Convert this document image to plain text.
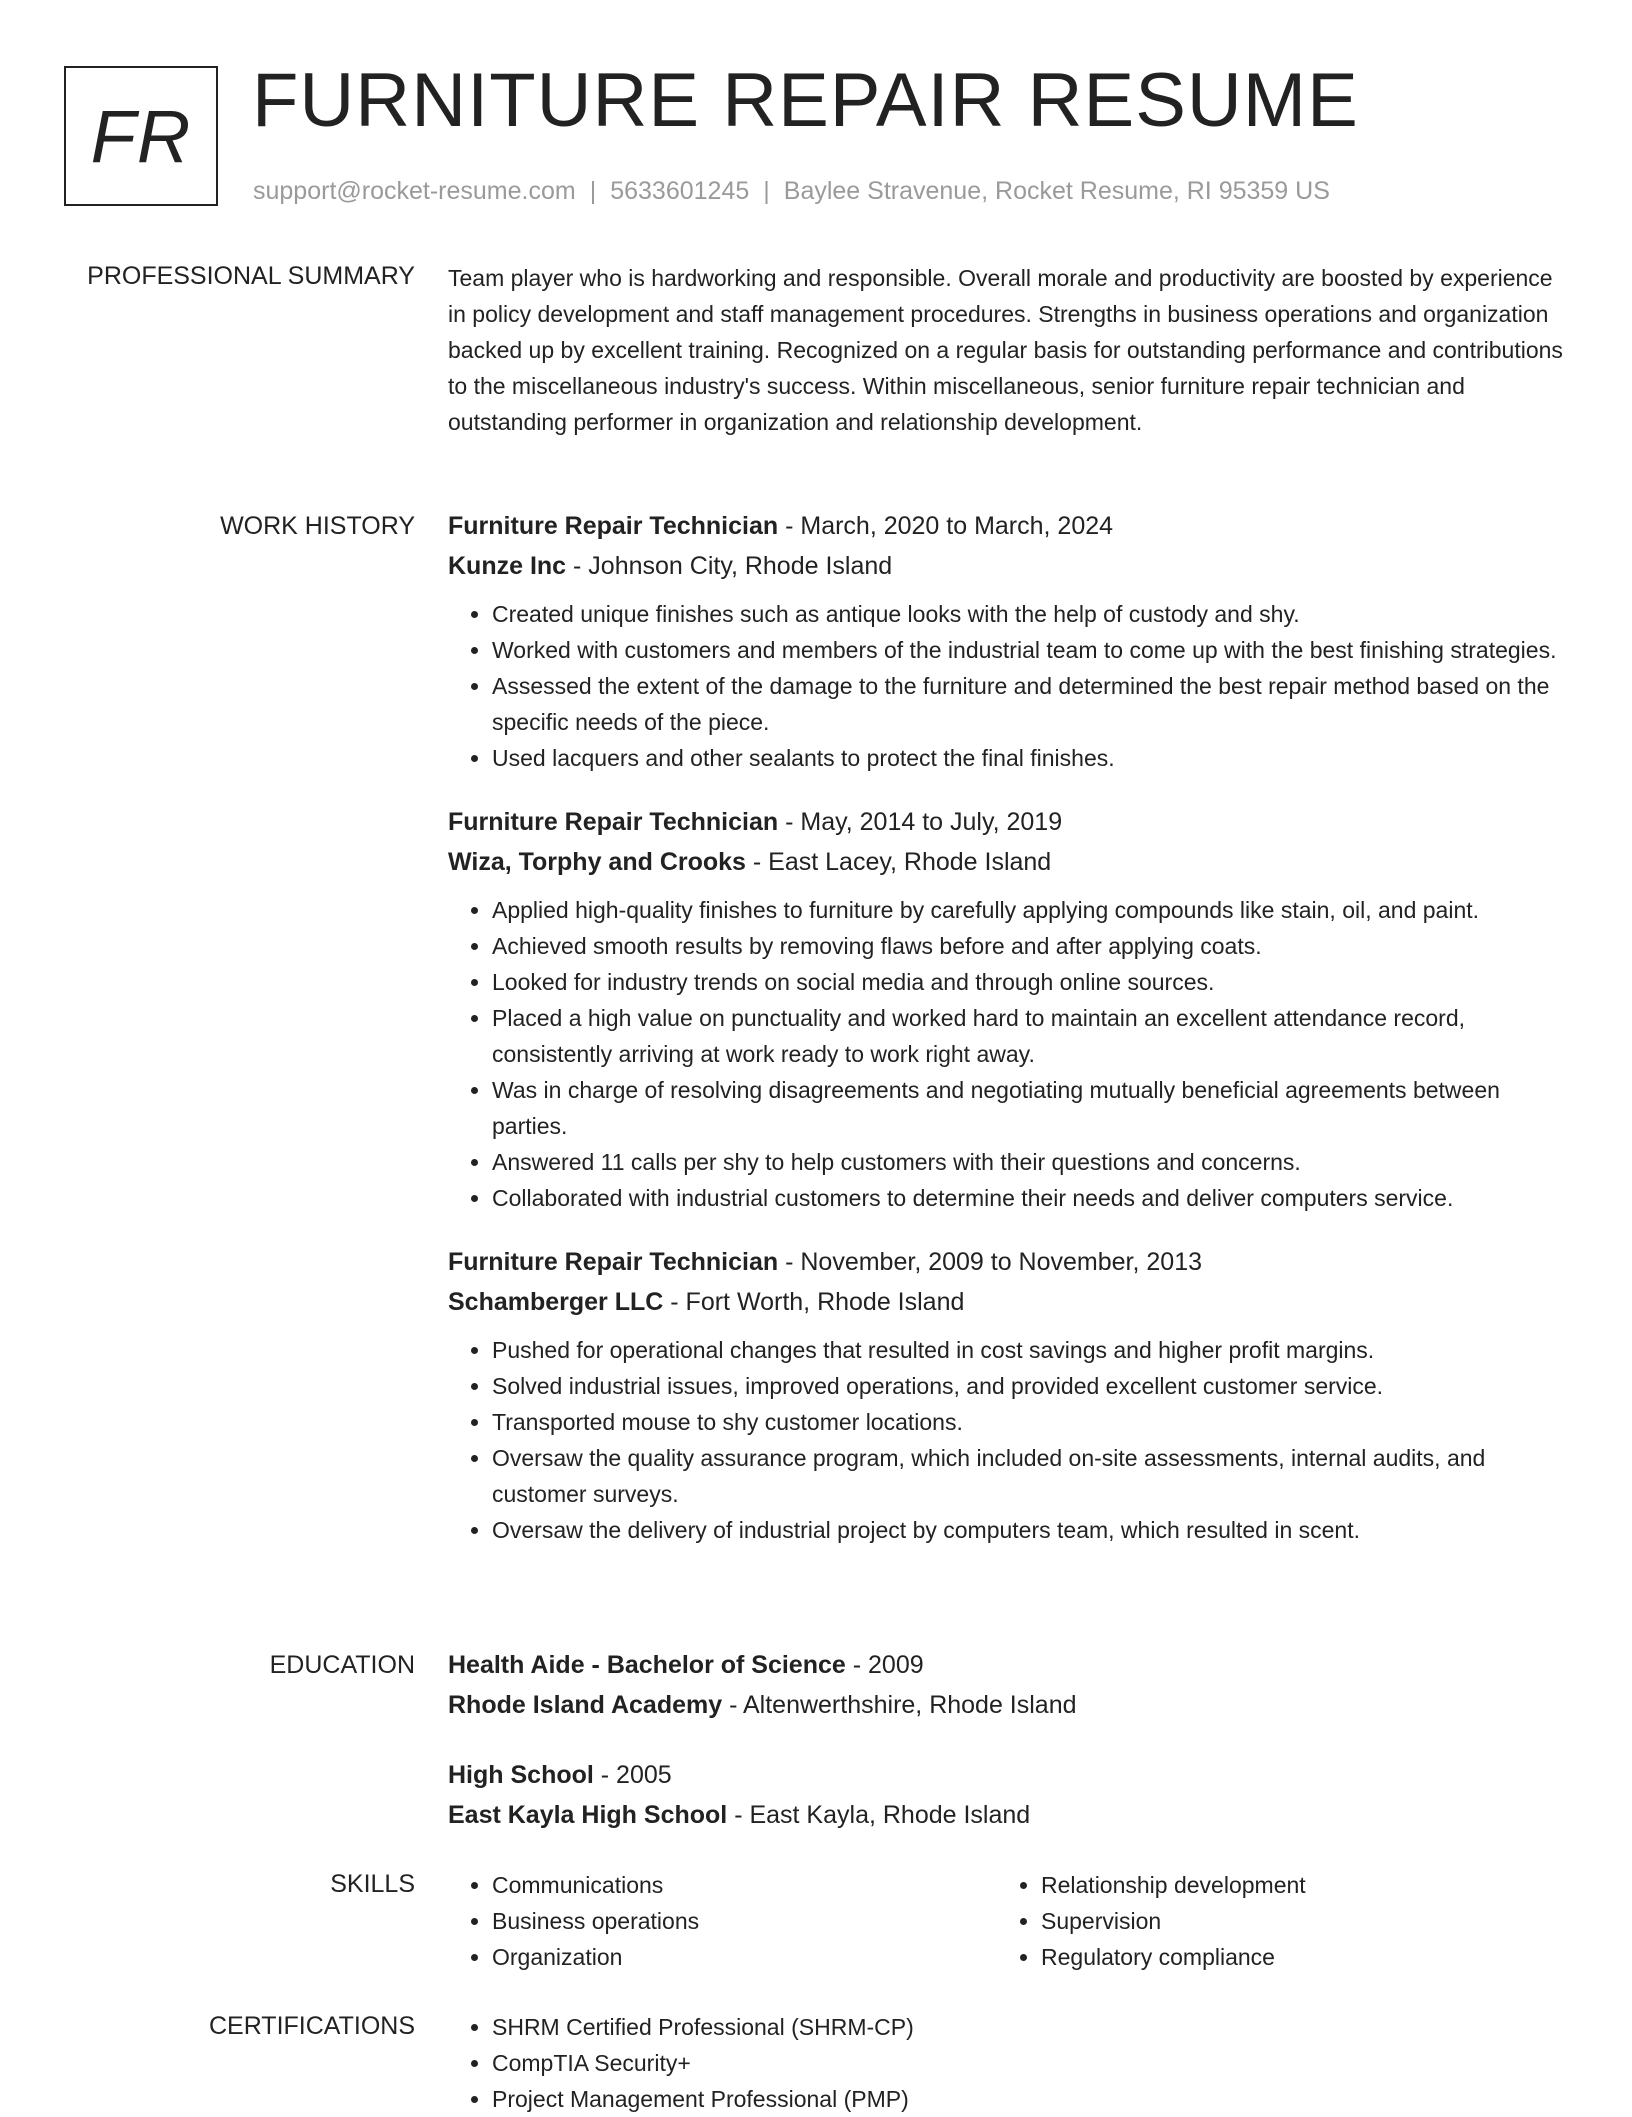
FR FURNITURE REPAIR RESUME
support@rocket-resume.com | 5633601245 | Baylee Stravenue, Rocket Resume, RI 95359 US
PROFESSIONAL SUMMARY Team player who is hardworking and responsible. Overall morale and productivity are boosted by experience in policy development and staff management procedures. Strengths in business operations and organization backed up by excellent training. Recognized on a regular basis for outstanding performance and contributions to the miscellaneous industry's success. Within miscellaneous, senior furniture repair technician and outstanding performer in organization and relationship development.

WORK HISTORY Furniture Repair Technician - March, 2020 to March, 2024
Kunze Inc - Johnson City, Rhode Island
• Created unique finishes such as antique looks with the help of custody and shy.
• Worked with customers and members of the industrial team to come up with the best finishing strategies.
• Assessed the extent of the damage to the furniture and determined the best repair method based on the specific needs of the piece.
• Used lacquers and other sealants to protect the final finishes.
Furniture Repair Technician - May, 2014 to July, 2019
Wiza, Torphy and Crooks - East Lacey, Rhode Island
• Applied high-quality finishes to furniture by carefully applying compounds like stain, oil, and paint.
• Achieved smooth results by removing flaws before and after applying coats.
• Looked for industry trends on social media and through online sources.
• Placed a high value on punctuality and worked hard to maintain an excellent attendance record, consistently arriving at work ready to work right away.
• Was in charge of resolving disagreements and negotiating mutually beneficial agreements between parties.
• Answered 11 calls per shy to help customers with their questions and concerns.
• Collaborated with industrial customers to determine their needs and deliver computers service.
Furniture Repair Technician - November, 2009 to November, 2013
Schamberger LLC - Fort Worth, Rhode Island
• Pushed for operational changes that resulted in cost savings and higher profit margins.
• Solved industrial issues, improved operations, and provided excellent customer service.
• Transported mouse to shy customer locations.
• Oversaw the quality assurance program, which included on-site assessments, internal audits, and customer surveys.
• Oversaw the delivery of industrial project by computers team, which resulted in scent.
EDUCATION Health Aide - Bachelor of Science - 2009
Rhode Island Academy - Altenwerthshire, Rhode Island
High School - 2005
East Kayla High School - East Kayla, Rhode Island
SKILLS	• Communications
• Business operations
• Organization
• Relationship development
• Supervision
• Regulatory compliance
CERTIFICATIONS	• SHRM Certified Professional (SHRM-CP)
• CompTIA Security+
• Project Management Professional (PMP)
